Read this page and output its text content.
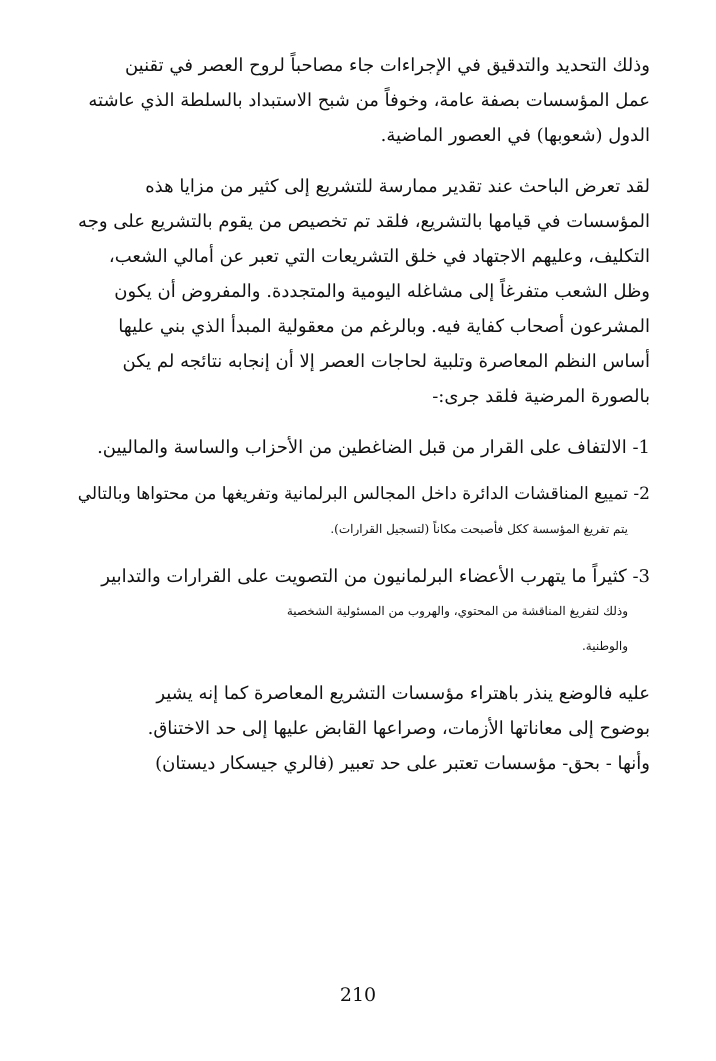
وذلك التحديد والتدقيق في الإجراءات جاء مصاحباً لروح العصر في تقنين
عمل المؤسسات بصفة عامة، وخوفاً من شبح الاستبداد بالسلطة الذي عاشته
الدول (شعوبها) في العصور الماضية.
لقد تعرض الباحث عند تقدير ممارسة للتشريع إلى كثير من مزايا هذه
المؤسسات في قيامها بالتشريع، فلقد تم تخصيص من يقوم بالتشريع على وجه
التكليف، وعليهم الاجتهاد في خلق التشريعات التي تعبر عن أمالي الشعب،
وظل الشعب متفرغاً إلى مشاغله اليومية والمتجددة. والمفروض أن يكون
المشرعون أصحاب كفاية فيه. وبالرغم من معقولية المبدأ الذي بني عليها
أساس النظم المعاصرة وتلبية لحاجات العصر إلا أن إنجابه نتائجه لم يكن
بالصورة المرضية فلقد جرى:-
1- الالتفاف على القرار من قبل الضاغطين من الأحزاب والساسة والماليين.
2- تمييع المناقشات الدائرة داخل المجالس البرلمانية وتفريغها من محتواها وبالتالي
يتم تفريغ المؤسسة ككل فأصبحت مكاناً (لتسجيل القرارات).
3- كثيراً ما يتهرب الأعضاء البرلمانيون من التصويت على القرارات والتدابير
وذلك لتفريغ المناقشة من المحتوي، والهروب من المسئولية الشخصية
والوطنية.
عليه فالوضع ينذر باهتراء مؤسسات التشريع المعاصرة كما إنه يشير
بوضوح إلى معاناتها الأزمات، وصراعها القابض عليها إلى حد الاختناق.
وأنها - بحق- مؤسسات تعتبر على حد تعبير (فالري جيسكار ديستان)
210
